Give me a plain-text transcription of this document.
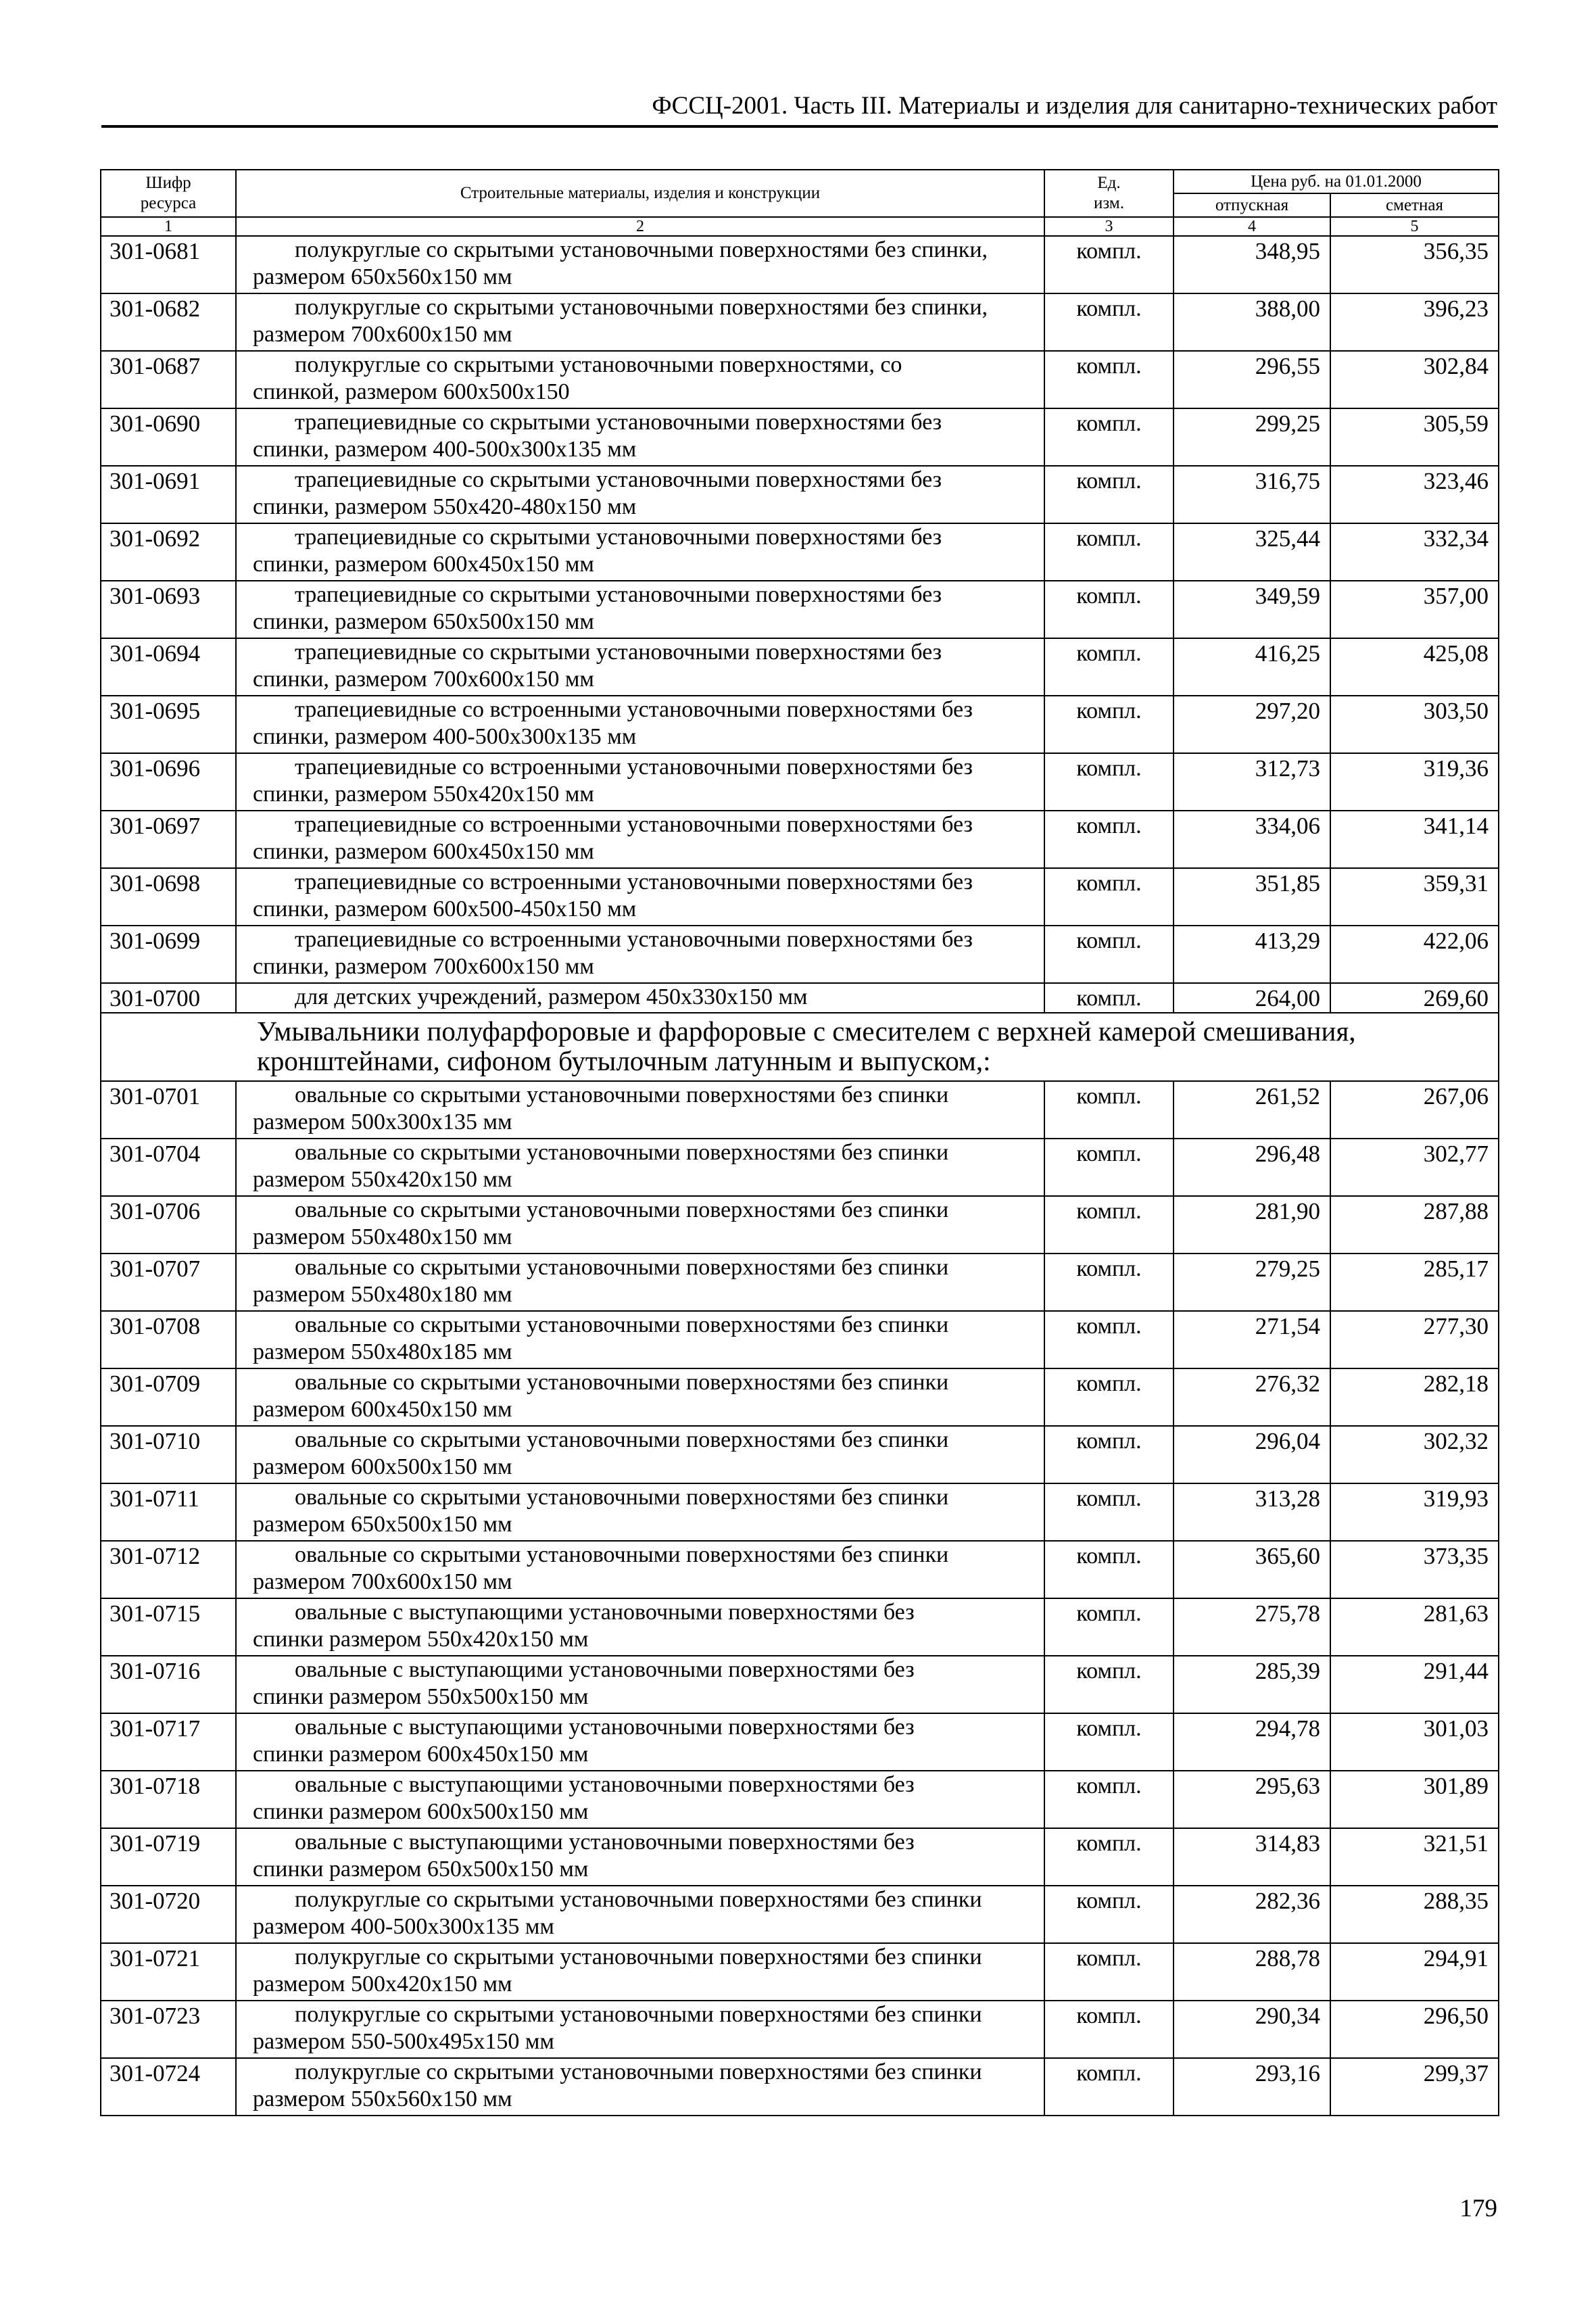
ФССЦ-2001. Часть III. Материалы и изделия для санитарно-технических работ
Шифр
ресурса	Строительные материалы, изделия и конструкции	Ед.
изм.	Цена руб. на 01.01.2000	
			отпускная	сметная
1	2	3	4	5
301-0681	полукруглые со скрытыми установочными поверхностями без спинки,
размером 650х560х150 мм	компл.	348,95	356,35
301-0682	полукруглые со скрытыми установочными поверхностями без спинки,
размером 700х600х150 мм	компл.	388,00	396,23
301-0687	полукруглые со скрытыми установочными поверхностями, со
спинкой, размером 600х500х150	компл.	296,55	302,84
301-0690	трапециевидные со скрытыми установочными поверхностями без
спинки, размером 400-500х300х135 мм	компл.	299,25	305,59
301-0691	трапециевидные со скрытыми установочными поверхностями без
спинки, размером 550х420-480х150 мм	компл.	316,75	323,46
301-0692	трапециевидные со скрытыми установочными поверхностями без
спинки, размером 600х450х150 мм	компл.	325,44	332,34
301-0693	трапециевидные со скрытыми установочными поверхностями без
спинки, размером 650х500х150 мм	компл.	349,59	357,00
301-0694	трапециевидные со скрытыми установочными поверхностями без
спинки, размером 700х600х150 мм	компл.	416,25	425,08
301-0695	трапециевидные со встроенными установочными поверхностями без
спинки, размером 400-500х300х135 мм	компл.	297,20	303,50
301-0696	трапециевидные со встроенными установочными поверхностями без
спинки, размером 550х420х150 мм	компл.	312,73	319,36
301-0697	трапециевидные со встроенными установочными поверхностями без
спинки, размером 600х450х150 мм	компл.	334,06	341,14
301-0698	трапециевидные со встроенными установочными поверхностями без
спинки, размером 600х500-450х150 мм	компл.	351,85	359,31
301-0699	трапециевидные со встроенными установочными поверхностями без
спинки, размером 700х600х150 мм	компл.	413,29	422,06
301-0700	для детских учреждений, размером 450х330х150 мм	компл.	264,00	269,60

Умывальники полуфарфоровые и фарфоровые с смесителем с верхней камерой смешивания,
кронштейнами, сифоном бутылочным латунным и выпуском,:				

301-0701	овальные со скрытыми установочными поверхностями без спинки
размером 500х300х135 мм	компл.	261,52	267,06
301-0704	овальные со скрытыми установочными поверхностями без спинки
размером 550х420х150 мм	компл.	296,48	302,77
301-0706	овальные со скрытыми установочными поверхностями без спинки
размером 550х480х150 мм	компл.	281,90	287,88
301-0707	овальные со скрытыми установочными поверхностями без спинки
размером 550х480х180 мм	компл.	279,25	285,17
301-0708	овальные со скрытыми установочными поверхностями без спинки
размером 550х480х185 мм	компл.	271,54	277,30
301-0709	овальные со скрытыми установочными поверхностями без спинки
размером 600х450х150 мм	компл.	276,32	282,18
301-0710	овальные со скрытыми установочными поверхностями без спинки
размером 600х500х150 мм	компл.	296,04	302,32
301-0711	овальные со скрытыми установочными поверхностями без спинки
размером 650х500х150 мм	компл.	313,28	319,93
301-0712	овальные со скрытыми установочными поверхностями без спинки
размером 700х600х150 мм	компл.	365,60	373,35
301-0715	овальные с выступающими установочными поверхностями без
спинки размером 550х420х150 мм	компл.	275,78	281,63
301-0716	овальные с выступающими установочными поверхностями без
спинки размером 550х500х150 мм	компл.	285,39	291,44
301-0717	овальные с выступающими установочными поверхностями без
спинки размером 600х450х150 мм	компл.	294,78	301,03
301-0718	овальные с выступающими установочными поверхностями без
спинки размером 600х500х150 мм	компл.	295,63	301,89
301-0719	овальные с выступающими установочными поверхностями без
спинки размером 650х500х150 мм	компл.	314,83	321,51
301-0720	полукруглые со скрытыми установочными поверхностями без спинки
размером 400-500х300х135 мм	компл.	282,36	288,35
301-0721	полукруглые со скрытыми установочными поверхностями без спинки
размером 500х420х150 мм	компл.	288,78	294,91
301-0723	полукруглые со скрытыми установочными поверхностями без спинки
размером 550-500х495х150 мм	компл.	290,34	296,50
301-0724	полукруглые со скрытыми установочными поверхностями без спинки
размером 550х560х150 мм	компл.	293,16	299,37
179
